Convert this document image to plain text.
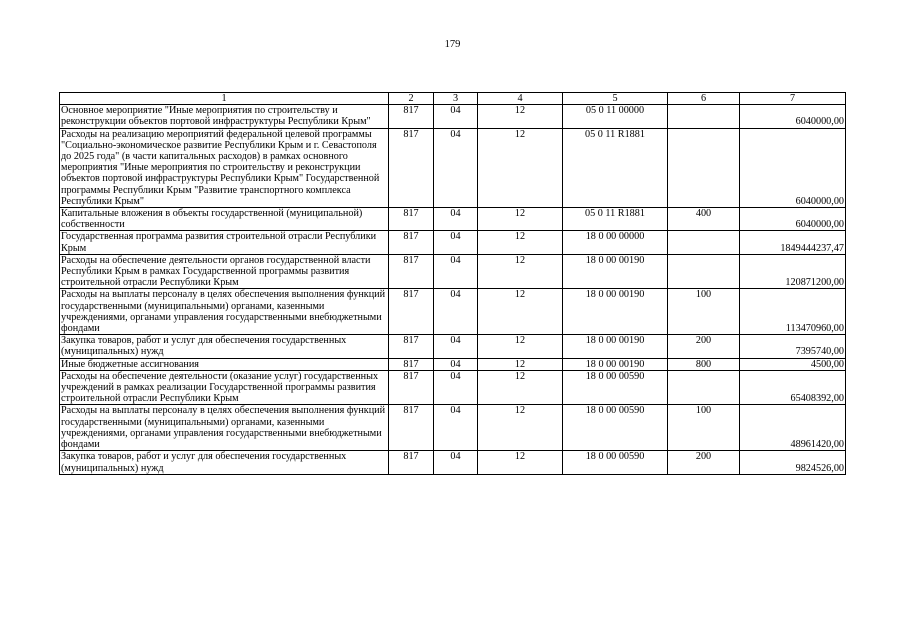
179
1	2	3	4	5	6	7
Основное мероприятие "Иные мероприятия по строительству и реконструкции объектов портовой инфраструктуры Республики Крым"	817	04	12	05 0 11 00000		6040000,00
Расходы на реализацию мероприятий федеральной целевой программы "Социально-экономическое развитие Республики Крым и г. Севастополя до 2025 года" (в части капитальных расходов) в рамках основного мероприятия "Иные мероприятия по строительству и реконструкции объектов портовой инфраструктуры Республики Крым" Государственной программы Республики Крым "Развитие транспортного комплекса Республики Крым"	817	04	12	05 0 11 R1881		6040000,00
Капитальные вложения в объекты государственной (муниципальной) собственности	817	04	12	05 0 11 R1881	400	6040000,00
Государственная программа развития строительной отрасли Республики Крым	817	04	12	18 0 00 00000		1849444237,47
Расходы на обеспечение деятельности органов государственной власти Республики Крым в рамках Государственной программы развития строительной отрасли Республики Крым	817	04	12	18 0 00 00190		120871200,00
Расходы на выплаты персоналу в целях обеспечения выполнения функций государственными (муниципальными) органами, казенными учреждениями, органами управления государственными внебюджетными фондами	817	04	12	18 0 00 00190	100	113470960,00
Закупка товаров, работ и услуг для обеспечения государственных (муниципальных) нужд	817	04	12	18 0 00 00190	200	7395740,00
Иные бюджетные ассигнования	817	04	12	18 0 00 00190	800	4500,00
Расходы на обеспечение деятельности (оказание услуг) государственных учреждений в рамках реализации Государственной программы развития строительной отрасли Республики Крым	817	04	12	18 0 00 00590		65408392,00
Расходы на выплаты персоналу в целях обеспечения выполнения функций государственными (муниципальными) органами, казенными учреждениями, органами управления государственными внебюджетными фондами	817	04	12	18 0 00 00590	100	48961420,00
Закупка товаров, работ и услуг для обеспечения государственных (муниципальных) нужд	817	04	12	18 0 00 00590	200	9824526,00
